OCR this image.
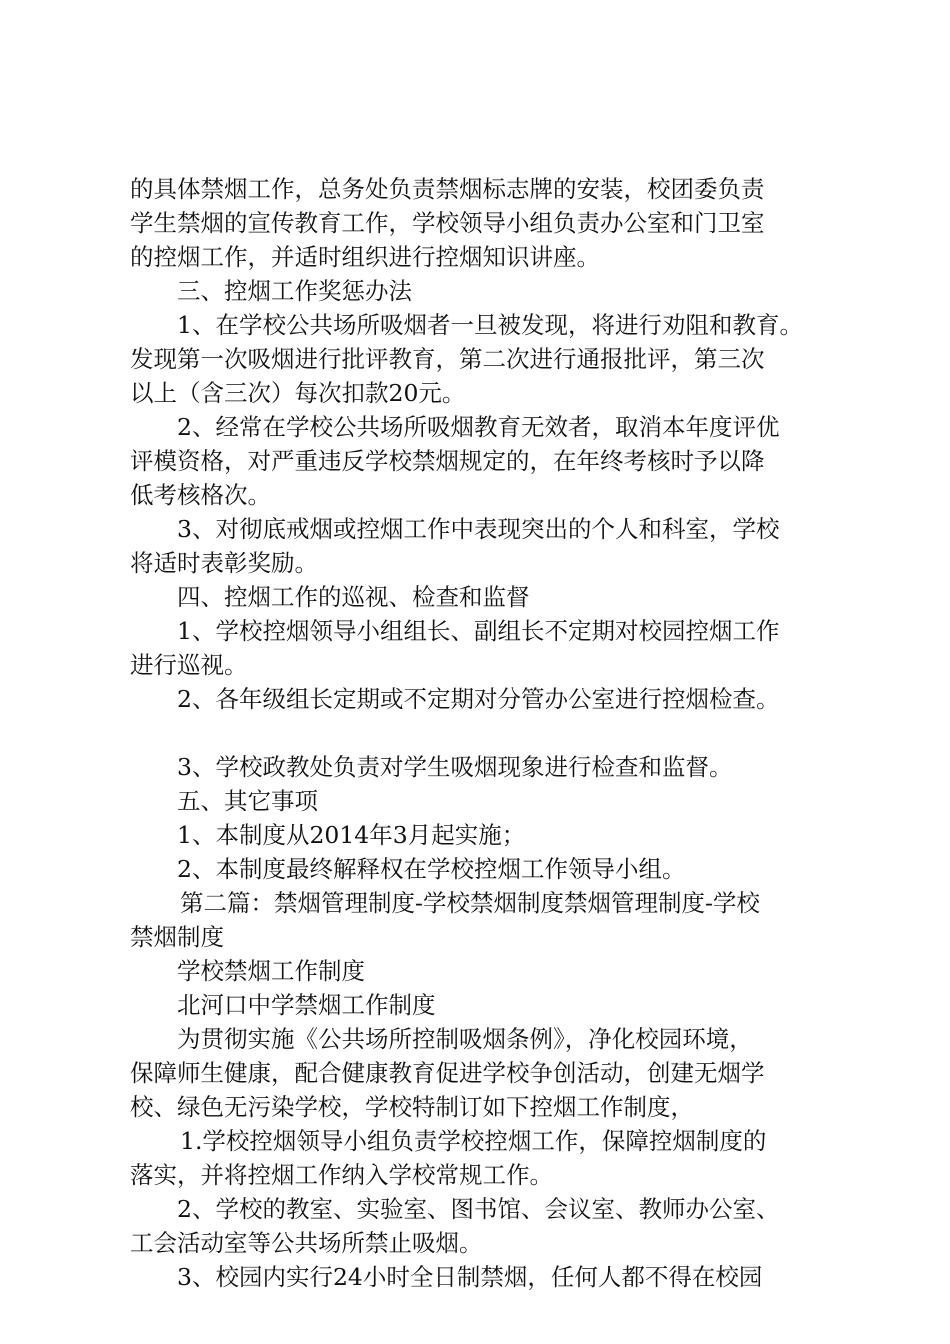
的具体禁烟工作，总务处负责禁烟标志牌的安装，校团委负责
学生禁烟的宣传教育工作，学校领导小组负责办公室和门卫室
的控烟工作，并适时组织进行控烟知识讲座。
三、控烟工作奖惩办法
1、在学校公共场所吸烟者一旦被发现，将进行劝阻和教育。
发现第一次吸烟进行批评教育，第二次进行通报批评，第三次
以上（含三次）每次扣款20元。
2、经常在学校公共场所吸烟教育无效者，取消本年度评优
评模资格，对严重违反学校禁烟规定的，在年终考核时予以降
低考核格次。
3、对彻底戒烟或控烟工作中表现突出的个人和科室，学校
将适时表彰奖励。
四、控烟工作的巡视、检查和监督
1、学校控烟领导小组组长、副组长不定期对校园控烟工作
进行巡视。
2、各年级组长定期或不定期对分管办公室进行控烟检查。
3、学校政教处负责对学生吸烟现象进行检查和监督。
五、其它事项
1、本制度从2014年3月起实施；
2、本制度最终解释权在学校控烟工作领导小组。
第二篇：禁烟管理制度-学校禁烟制度禁烟管理制度-学校
禁烟制度
学校禁烟工作制度
北河口中学禁烟工作制度
为贯彻实施《公共场所控制吸烟条例》，净化校园环境，
保障师生健康，配合健康教育促进学校争创活动，创建无烟学
校、绿色无污染学校，学校特制订如下控烟工作制度，
1.学校控烟领导小组负责学校控烟工作，保障控烟制度的
落实，并将控烟工作纳入学校常规工作。
2、学校的教室、实验室、图书馆、会议室、教师办公室、
工会活动室等公共场所禁止吸烟。
3、校园内实行24小时全日制禁烟，任何人都不得在校园
